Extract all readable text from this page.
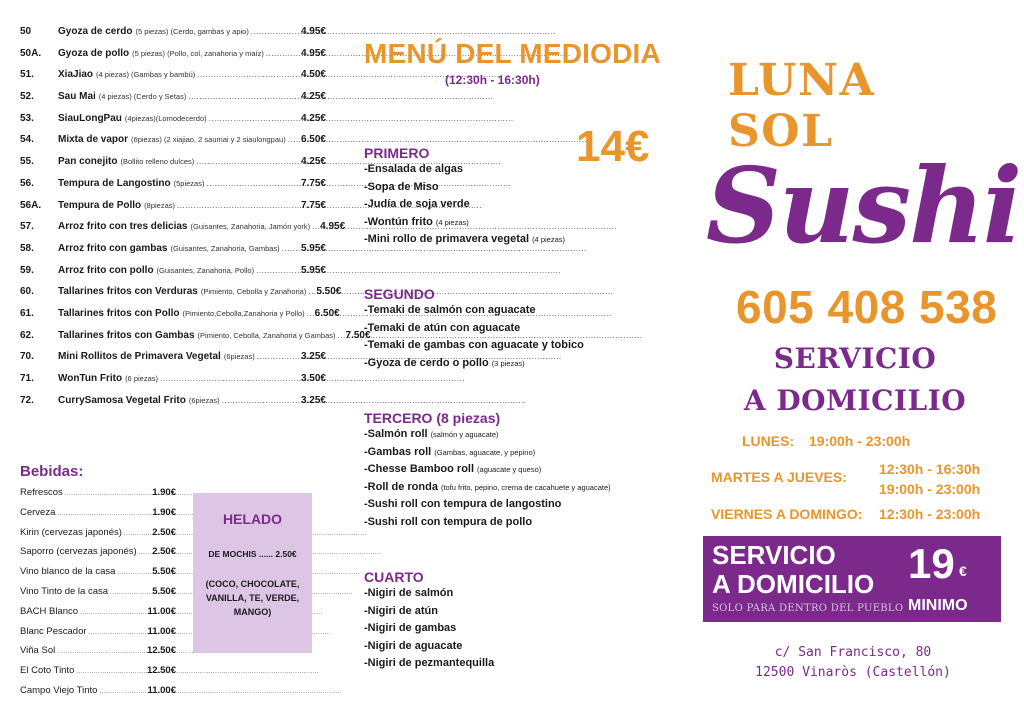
50	Gyoza de cerdo (5 piezas) (Cerdo, gambas y apio) .....	4.95€
50A.	Gyoza de pollo (5 piezas) (Pollo, col, zanahoria y maíz) .....	4.95€
51.	XiaJiao (4 piezas) (Gambas y bambú) .....	4.50€
52.	Sau Mai (4 piezas) (Cerdo y Setas) .....	4.25€
53.	SiauLongPau (4piezas)(Lomodecerdo) .....	4.25€
54.	Mixta de vapor (6piezas) (2 xiajiao, 2 saumai y 2 siaulongpau) ..... 6.50€
55.	Pan conejito (Bollito relleno dulces) .....	4.25€
56.	Tempura de Langostino (5piezas) .....	7.75€
56A.	Tempura de Pollo (8piezas) .....	7.75€
57.	Arroz frito con tres delicias (Guisantes, Zanahoria, Jamón york) ..... 4.95€
58.	Arroz frito con gambas (Guisantes, Zanahoria, Gambas) ..... 5.95€
59.	Arroz frito con pollo (Guisantes, Zanahoria, Pollo) .....	5.95€
60.	Tallarines fritos con Verduras (Pimiento, Cebolla y Zanahoria) ..... 5.50€
61.	Tallarines fritos con Pollo (Pimiento,Cebolla,Zanahoria y Pollo) ..... 6.50€
62.	Tallarines fritos con Gambas (Pimiento, Cebolla, Zanahoria y Gambas) ..... 7.50€
70.	Mini Rollitos de Primavera Vegetal (6piezas) .....	3.25€
71.	WonTun Frito (6 piezas) .....	3.50€
72.	CurrySamosa Vegetal Frito (6piezas) .....	3.25€
Bebidas:
Refrescos .....	1.90€
Cerveza .....	1.90€
Kirin (cervezas japonés) .....	2.50€
Saporro (cervezas japonés) ..... 2.50€
Vino blanco de la casa .....	5.50€
Vino Tinto de la casa .....	5.50€
BACH Blanco .....	11.00€
Blanc Pescador .....	11.00€
Viña Sol .....	12.50€
El Coto Tinto .....	12.50€
Campo Viejo Tinto .....	11.00€
HELADO
DE MOCHIS ...... 2.50€
(COCO, CHOCOLATE, VANILLA, TE, VERDE, MANGO)
MENÚ DEL MEDIODIA
(12:30h - 16:30h)
14€
PRIMERO
-Ensalada de algas
-Sopa de Miso
-Judía de soja verde
-Wontún frito (4 piezas)
-Mini rollo de primavera vegetal (4 piezas)
SEGUNDO
-Temaki de salmón con aguacate
-Temaki de atún con aguacate
-Temaki de gambas con aguacate y tobico
-Gyoza de cerdo o pollo (3 piezas)
TERCERO (8 piezas)
-Salmón roll (salmón y aguacate)
-Gambas roll (Gambas, aguacate, y pepino)
-Chesse Bamboo roll (aguacate y queso)
-Roll de ronda (tofu frito, pepino, crema de cacahuete y aguacate)
-Sushi roll con tempura de langostino
-Sushi roll con tempura de pollo
CUARTO
-Nigiri de salmón
-Nigiri de atún
-Nigiri de gambas
-Nigiri de aguacate
-Nigiri de pezmantequilla
LUNA SOL
Sushi
605 408 538
SERVICIO
A DOMICILIO
LUNES: 19:00h - 23:00h
MARTES A JUEVES: 12:30h - 16:30h
19:00h - 23:00h
VIERNES A DOMINGO: 12:30h - 23:00h
SERVICIO
A DOMICILIO
SOLO PARA DENTRO DEL PUEBLO
19 €
MINIMO
c/ San Francisco, 80
12500 Vinaròs (Castellón)
